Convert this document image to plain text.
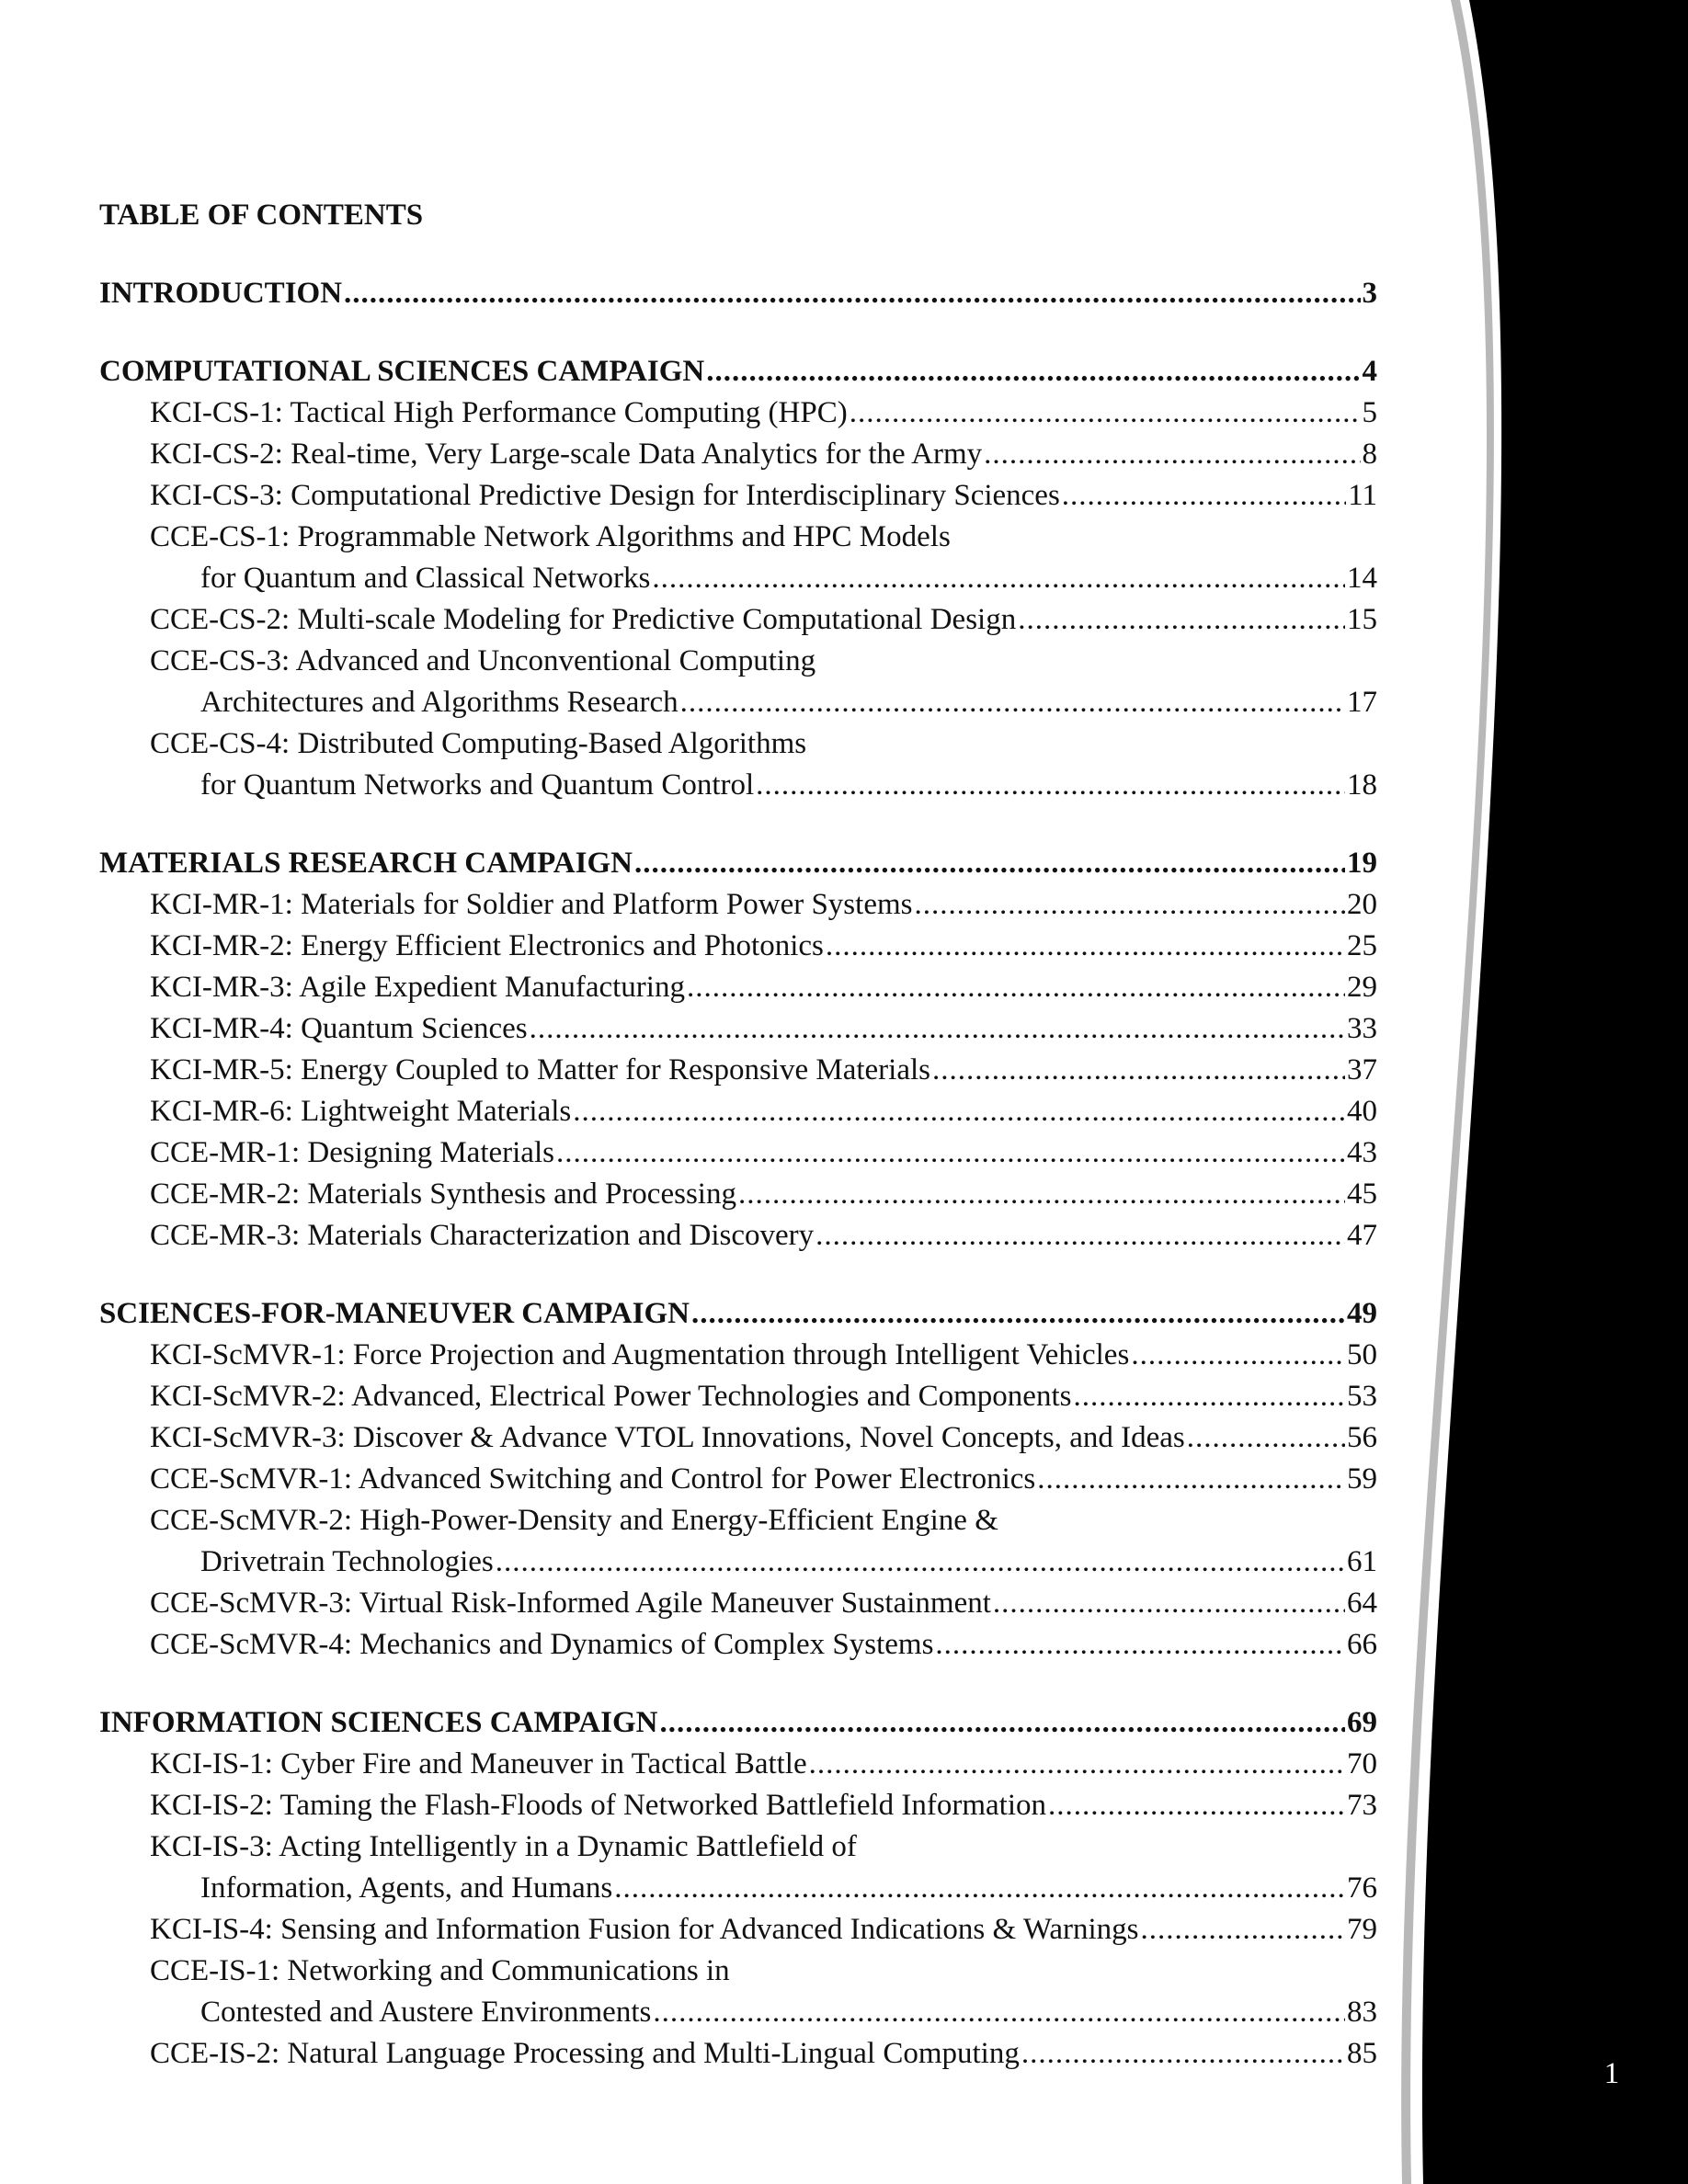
1
TABLE OF CONTENTS
INTRODUCTION .....	3
COMPUTATIONAL SCIENCES CAMPAIGN .....	4
KCI-CS-1: Tactical High Performance Computing (HPC) .....	5
KCI-CS-2: Real-time, Very Large-scale Data Analytics for the Army .....	8
KCI-CS-3: Computational Predictive Design for Interdisciplinary Sciences .....	11
CCE-CS-1: Programmable Network Algorithms and HPC Models
for Quantum and Classical Networks .....	14
CCE-CS-2: Multi-scale Modeling for Predictive Computational Design .....	15
CCE-CS-3: Advanced and Unconventional Computing
Architectures and Algorithms Research .....	17
CCE-CS-4: Distributed Computing-Based Algorithms
for Quantum Networks and Quantum Control .....	18
MATERIALS RESEARCH CAMPAIGN .....	19
KCI-MR-1: Materials for Soldier and Platform Power Systems .....	20
KCI-MR-2: Energy Efficient Electronics and Photonics .....	25
KCI-MR-3: Agile Expedient Manufacturing .....	29
KCI-MR-4: Quantum Sciences .....	33
KCI-MR-5: Energy Coupled to Matter for Responsive Materials .....	37
KCI-MR-6: Lightweight Materials .....	40
CCE-MR-1: Designing Materials .....	43
CCE-MR-2: Materials Synthesis and Processing .....	45
CCE-MR-3: Materials Characterization and Discovery .....	47
SCIENCES-FOR-MANEUVER CAMPAIGN .....	49
KCI-ScMVR-1: Force Projection and Augmentation through Intelligent Vehicles .....	50
KCI-ScMVR-2: Advanced, Electrical Power Technologies and Components .....	53
KCI-ScMVR-3: Discover & Advance VTOL Innovations, Novel Concepts, and Ideas .....	56
CCE-ScMVR-1: Advanced Switching and Control for Power Electronics .....	59
CCE-ScMVR-2: High-Power-Density and Energy-Efficient Engine &
Drivetrain Technologies .....	61
CCE-ScMVR-3: Virtual Risk-Informed Agile Maneuver Sustainment .....	64
CCE-ScMVR-4: Mechanics and Dynamics of Complex Systems .....	66
INFORMATION SCIENCES CAMPAIGN .....	69
KCI-IS-1: Cyber Fire and Maneuver in Tactical Battle .....	70
KCI-IS-2: Taming the Flash-Floods of Networked Battlefield Information .....	73
KCI-IS-3: Acting Intelligently in a Dynamic Battlefield of
Information, Agents, and Humans .....	76
KCI-IS-4: Sensing and Information Fusion for Advanced Indications & Warnings .....	79
CCE-IS-1: Networking and Communications in
Contested and Austere Environments .....	83
CCE-IS-2: Natural Language Processing and Multi-Lingual Computing .....	85
